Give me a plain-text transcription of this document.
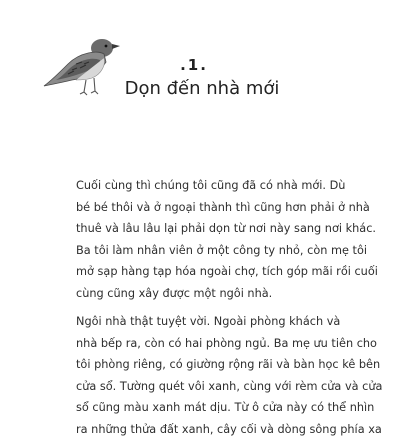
.1.
Dọn đến nhà mới
Cuối cùng thì chúng tôi cũng đã có nhà mới. Dù
bé bé thôi và ở ngoại thành thì cũng hơn phải ở nhà
thuê và lâu lâu lại phải dọn từ nơi này sang nơi khác.
Ba tôi làm nhân viên ở một công ty nhỏ, còn mẹ tôi
mở sạp hàng tạp hóa ngoài chợ, tích góp mãi rồi cuối
cùng cũng xây được một ngôi nhà.
Ngôi nhà thật tuyệt vời. Ngoài phòng khách và
nhà bếp ra, còn có hai phòng ngủ. Ba mẹ ưu tiên cho
tôi phòng riêng, có giường rộng rãi và bàn học kê bên
cửa sổ. Tường quét vôi xanh, cùng với rèm cửa và cửa
sổ cũng màu xanh mát dịu. Từ ô cửa này có thể nhìn
ra những thửa đất xanh, cây cối và dòng sông phía xa
